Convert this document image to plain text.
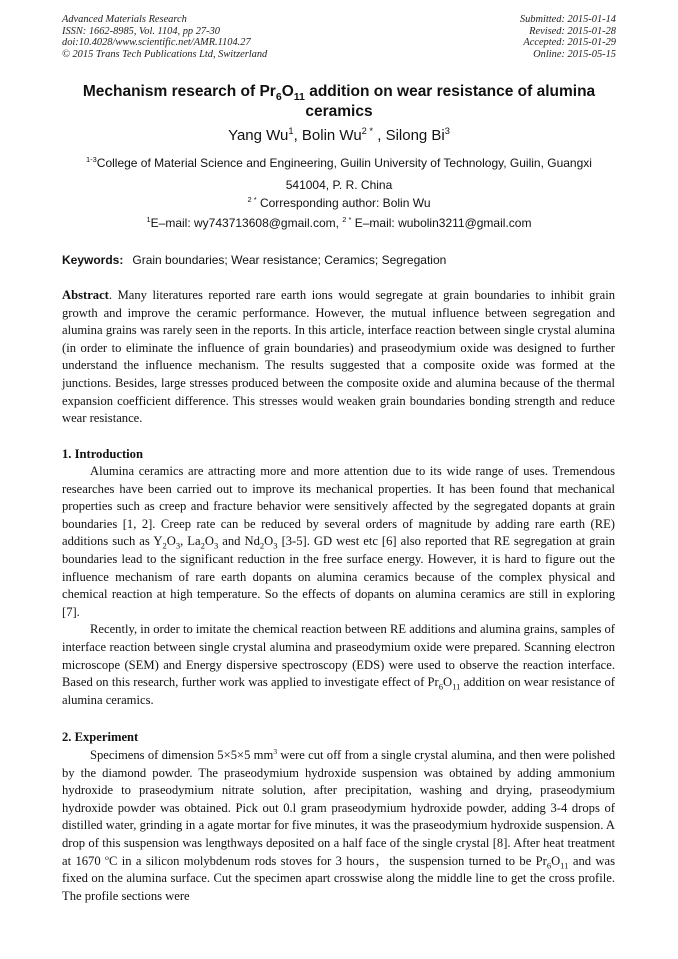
Advanced Materials Research
ISSN: 1662-8985, Vol. 1104, pp 27-30
doi:10.4028/www.scientific.net/AMR.1104.27
© 2015 Trans Tech Publications Ltd, Switzerland
Submitted: 2015-01-14
Revised: 2015-01-28
Accepted: 2015-01-29
Online: 2015-05-15
Mechanism research of $Pr_6O_{11}$ addition on wear resistance of alumina ceramics
Yang Wu$^1$, Bolin $Wu^{2 *}$ , Silong Bi$^3$
$^{1-3}$College of Material Science and Engineering, Guilin University of Technology, Guilin, Guangxi
541004, P. R. China
$^{2 *}$ Corresponding author: Bolin Wu
$^1$E–mail: wy743713608@gmail.com, $^{2 *}$ E–mail: wubolin3211@gmail.com
Keywords: Grain boundaries; Wear resistance; Ceramics; Segregation

Abstract. Many literatures reported rare earth ions would segregate at grain boundaries to inhibit grain growth and improve the ceramic performance. However, the mutual influence between segregation and alumina grains was rarely seen in the reports. In this article, interface reaction between single crystal alumina (in order to eliminate the influence of grain boundaries) and praseodymium oxide was designed to further understand the influence mechanism. The results suggested that a composite oxide was formed at the junctions. Besides, large stresses produced between the composite oxide and alumina because of the thermal expansion coefficient difference. This stresses would weaken grain boundaries bonding strength and reduce wear resistance.

1. Introduction

Alumina ceramics are attracting more and more attention due to its wide range of uses. Tremendous researches have been carried out to improve its mechanical properties. It has been found that mechanical properties such as creep and fracture behavior were sensitively affected by the segregated dopants at grain boundaries [1, 2]. Creep rate can be reduced by several orders of magnitude by adding rare earth (RE) additions such as $Y_2O_3$, $La_2O_3$ and $Nd_2O_3$ [3-5]. GD west etc [6] also reported that RE segregation at grain boundaries lead to the significant reduction in the free surface energy. However, it is hard to figure out the influence mechanism of rare earth dopants on alumina ceramics because of the complex physical and chemical reaction at high temperature. So the effects of dopants on alumina ceramics are still in exploring [7].

Recently, in order to imitate the chemical reaction between RE additions and alumina grains, samples of interface reaction between single crystal alumina and praseodymium oxide were prepared. Scanning electron microscope (SEM) and Energy dispersive spectroscopy (EDS) were used to observe the reaction interface. Based on this research, further work was applied to investigate effect of $Pr_6O_{11}$ addition on wear resistance of alumina ceramics.

2. Experiment

Specimens of dimension 5×5×5 $mm^3$ were cut off from a single crystal alumina, and then were polished by the diamond powder. The praseodymium hydroxide suspension was obtained by adding ammonium hydroxide to praseodymium nitrate solution, after precipitation, washing and drying, praseodymium hydroxide powder was obtained. Pick out 0.l gram praseodymium hydroxide powder, adding 3-4 drops of distilled water, grinding in a agate mortar for five minutes, it was the praseodymium hydroxide suspension. A drop of this suspension was lengthways deposited on a half face of the single crystal [8]. After heat treatment at 1670 $^o$C in a silicon molybdenum rods stoves for 3 hours，the suspension turned to be $Pr_6O_{11}$ and was fixed on the alumina surface. Cut the specimen apart crosswise along the middle line to get the cross profile. The profile sections were
